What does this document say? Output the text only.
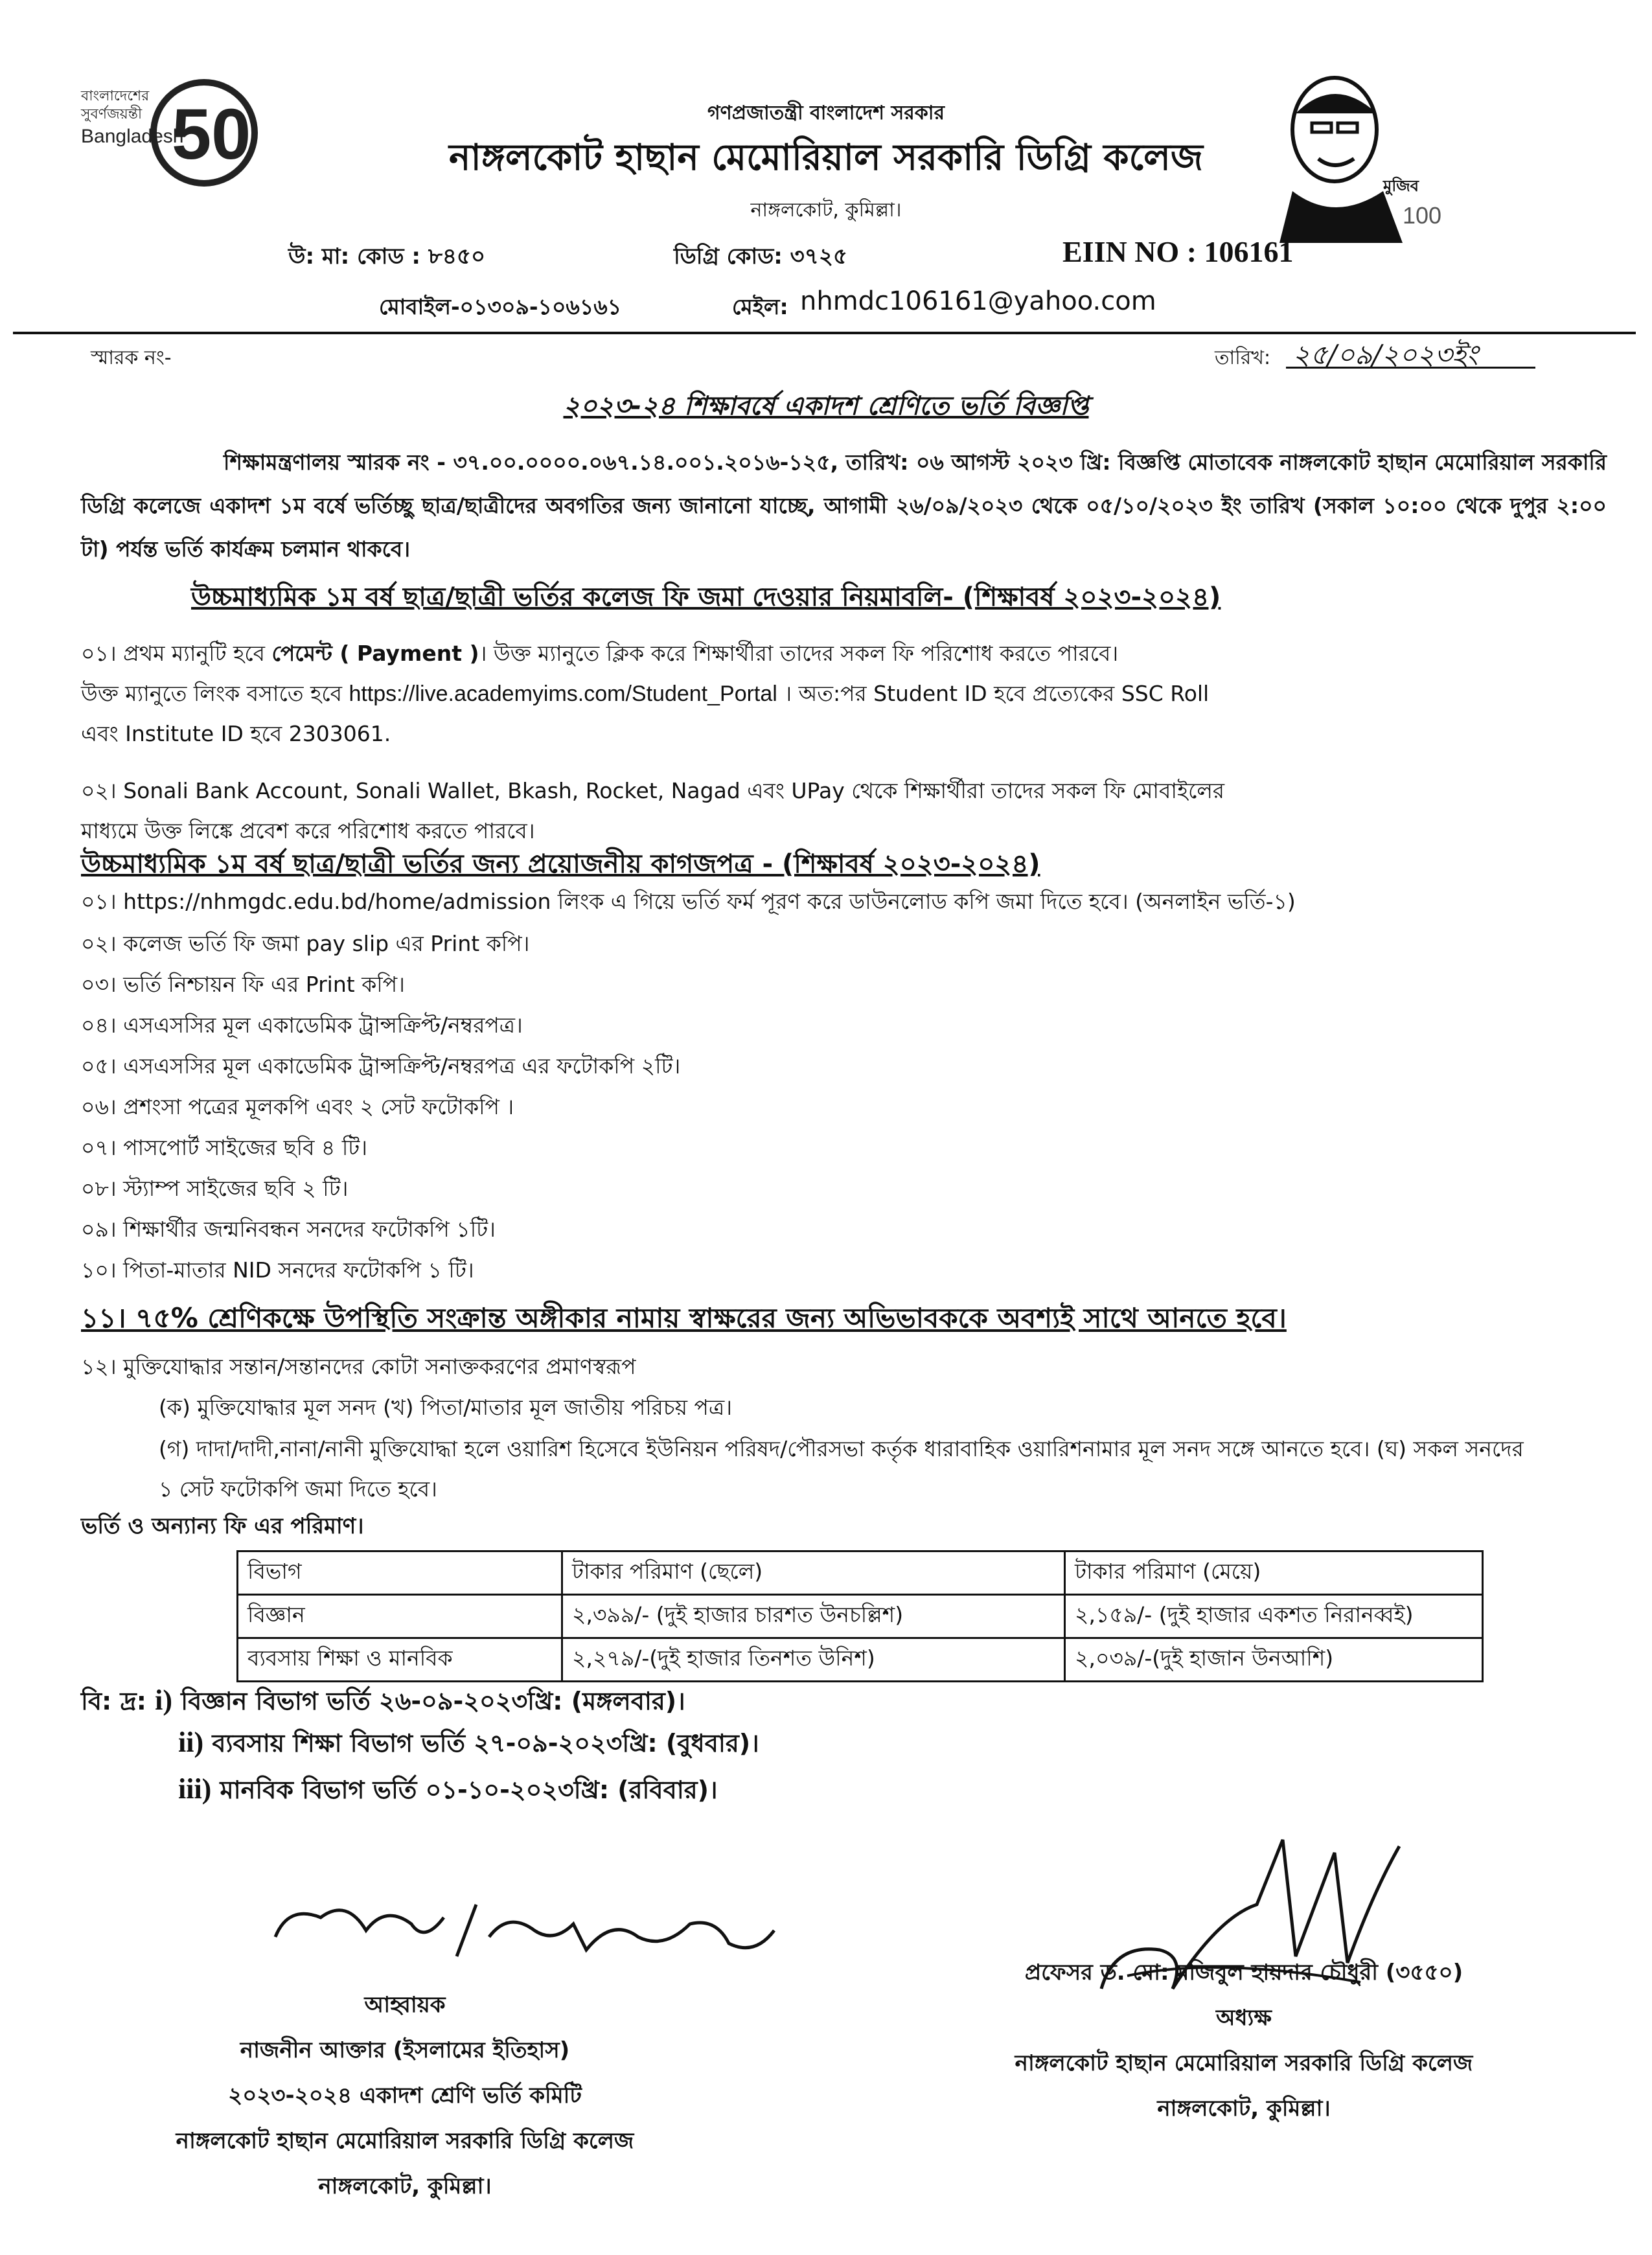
বাংলাদেশের
সুবর্ণজয়ন্তী
Bangladesh
50
মুজিব
100
গণপ্রজাতন্ত্রী বাংলাদেশ সরকার
নাঙ্গলকোট হাছান মেমোরিয়াল সরকারি ডিগ্রি কলেজ
নাঙ্গলকোট, কুমিল্লা।
উ: মা: কোড : ৮৪৫০	ডিগ্রি কোড: ৩৭২৫	EIIN NO : 106161
মোবাইল-০১৩০৯-১০৬১৬১	মেইল: nhmdc106161@yahoo.com
স্মারক নং-	তারিখ: ২৫/০৯/২০২৩ইং
২০২৩-২৪ শিক্ষাবর্ষে একাদশ শ্রেণিতে ভর্তি বিজ্ঞপ্তি
শিক্ষামন্ত্রণালয় স্মারক নং - ৩৭.০০.০০০০.০৬৭.১৪.০০১.২০১৬-১২৫, তারিখ: ০৬ আগস্ট ২০২৩ খ্রি: বিজ্ঞপ্তি মোতাবেক নাঙ্গলকোট হাছান মেমোরিয়াল সরকারি ডিগ্রি কলেজে একাদশ ১ম বর্ষে ভর্তিচ্ছু ছাত্র/ছাত্রীদের অবগতির জন্য জানানো যাচ্ছে, আগামী ২৬/০৯/২০২৩ থেকে ০৫/১০/২০২৩ ইং তারিখ (সকাল ১০:০০ থেকে দুপুর ২:০০ টা) পর্যন্ত ভর্তি কার্যক্রম চলমান থাকবে।
উচ্চমাধ্যমিক ১ম বর্ষ ছাত্র/ছাত্রী ভর্তির কলেজ ফি জমা দেওয়ার নিয়মাবলি- (শিক্ষাবর্ষ ২০২৩-২০২৪)
০১। প্রথম ম্যানুটি হবে পেমেন্ট ( Payment )। উক্ত ম্যানুতে ক্লিক করে শিক্ষার্থীরা তাদের সকল ফি পরিশোধ করতে পারবে।
উক্ত ম্যানুতে লিংক বসাতে হবে https://live.academyims.com/Student_Portal । অত:পর Student ID হবে প্রত্যেকের SSC Roll
এবং Institute ID হবে 2303061.
০২। Sonali Bank Account, Sonali Wallet, Bkash, Rocket, Nagad এবং UPay থেকে শিক্ষার্থীরা তাদের সকল ফি মোবাইলের
মাধ্যমে উক্ত লিঙ্কে প্রবেশ করে পরিশোধ করতে পারবে।
উচ্চমাধ্যমিক ১ম বর্ষ ছাত্র/ছাত্রী ভর্তির জন্য প্রয়োজনীয় কাগজপত্র - (শিক্ষাবর্ষ ২০২৩-২০২৪)
০১। https://nhmgdc.edu.bd/home/admission লিংক এ গিয়ে ভর্তি ফর্ম পূরণ করে ডাউনলোড কপি জমা দিতে হবে। (অনলাইন ভর্তি-১)
০২। কলেজ ভর্তি ফি জমা pay slip এর Print কপি।
০৩। ভর্তি নিশ্চায়ন ফি এর Print কপি।
০৪। এসএসসির মূল একাডেমিক ট্রান্সক্রিপ্ট/নম্বরপত্র।
০৫। এসএসসির মূল একাডেমিক ট্রান্সক্রিপ্ট/নম্বরপত্র এর ফটোকপি ২টি।
০৬। প্রশংসা পত্রের মূলকপি এবং ২ সেট ফটোকপি ।
০৭। পাসপোর্ট সাইজের ছবি ৪ টি।
০৮। স্ট্যাম্প সাইজের ছবি ২ টি।
০৯। শিক্ষার্থীর জন্মনিবন্ধন সনদের ফটোকপি ১টি।
১০। পিতা-মাতার NID সনদের ফটোকপি ১ টি।
১১। ৭৫% শ্রেণিকক্ষে উপস্থিতি সংক্রান্ত অঙ্গীকার নামায় স্বাক্ষরের জন্য অভিভাবককে অবশ্যই সাথে আনতে হবে।
১২। মুক্তিযোদ্ধার সন্তান/সন্তানদের কোটা সনাক্তকরণের প্রমাণস্বরূপ
(ক) মুক্তিযোদ্ধার মূল সনদ (খ) পিতা/মাতার মূল জাতীয় পরিচয় পত্র।
(গ) দাদা/দাদী,নানা/নানী মুক্তিযোদ্ধা হলে ওয়ারিশ হিসেবে ইউনিয়ন পরিষদ/পৌরসভা কর্তৃক ধারাবাহিক ওয়ারিশনামার মূল সনদ সঙ্গে আনতে হবে। (ঘ) সকল সনদের ১ সেট ফটোকপি জমা দিতে হবে।
ভর্তি ও অন্যান্য ফি এর পরিমাণ।
বিভাগ	টাকার পরিমাণ (ছেলে)	টাকার পরিমাণ (মেয়ে)
বিজ্ঞান	২,৩৯৯/- (দুই হাজার চারশত উনচল্লিশ)	২,১৫৯/- (দুই হাজার একশত নিরানব্বই)
ব্যবসায় শিক্ষা ও মানবিক	২,২৭৯/-(দুই হাজার তিনশত উনিশ)	২,০৩৯/-(দুই হাজান উনআশি)
বি: দ্র: i) বিজ্ঞান বিভাগ ভর্তি ২৬-০৯-২০২৩খ্রি: (মঙ্গলবার)।
ii) ব্যবসায় শিক্ষা বিভাগ ভর্তি ২৭-০৯-২০২৩খ্রি: (বুধবার)।
iii) মানবিক বিভাগ ভর্তি ০১-১০-২০২৩খ্রি: (রবিবার)।
আহ্বায়ক
নাজনীন আক্তার (ইসলামের ইতিহাস)
২০২৩-২০২৪ একাদশ শ্রেণি ভর্তি কমিটি
নাঙ্গলকোট হাছান মেমোরিয়াল সরকারি ডিগ্রি কলেজ
নাঙ্গলকোট, কুমিল্লা।
প্রফেসর ড. মো: মজিবুল হায়দার চৌধুরী (৩৫৫০)
অধ্যক্ষ
নাঙ্গলকোট হাছান মেমোরিয়াল সরকারি ডিগ্রি কলেজ
নাঙ্গলকোট, কুমিল্লা।
